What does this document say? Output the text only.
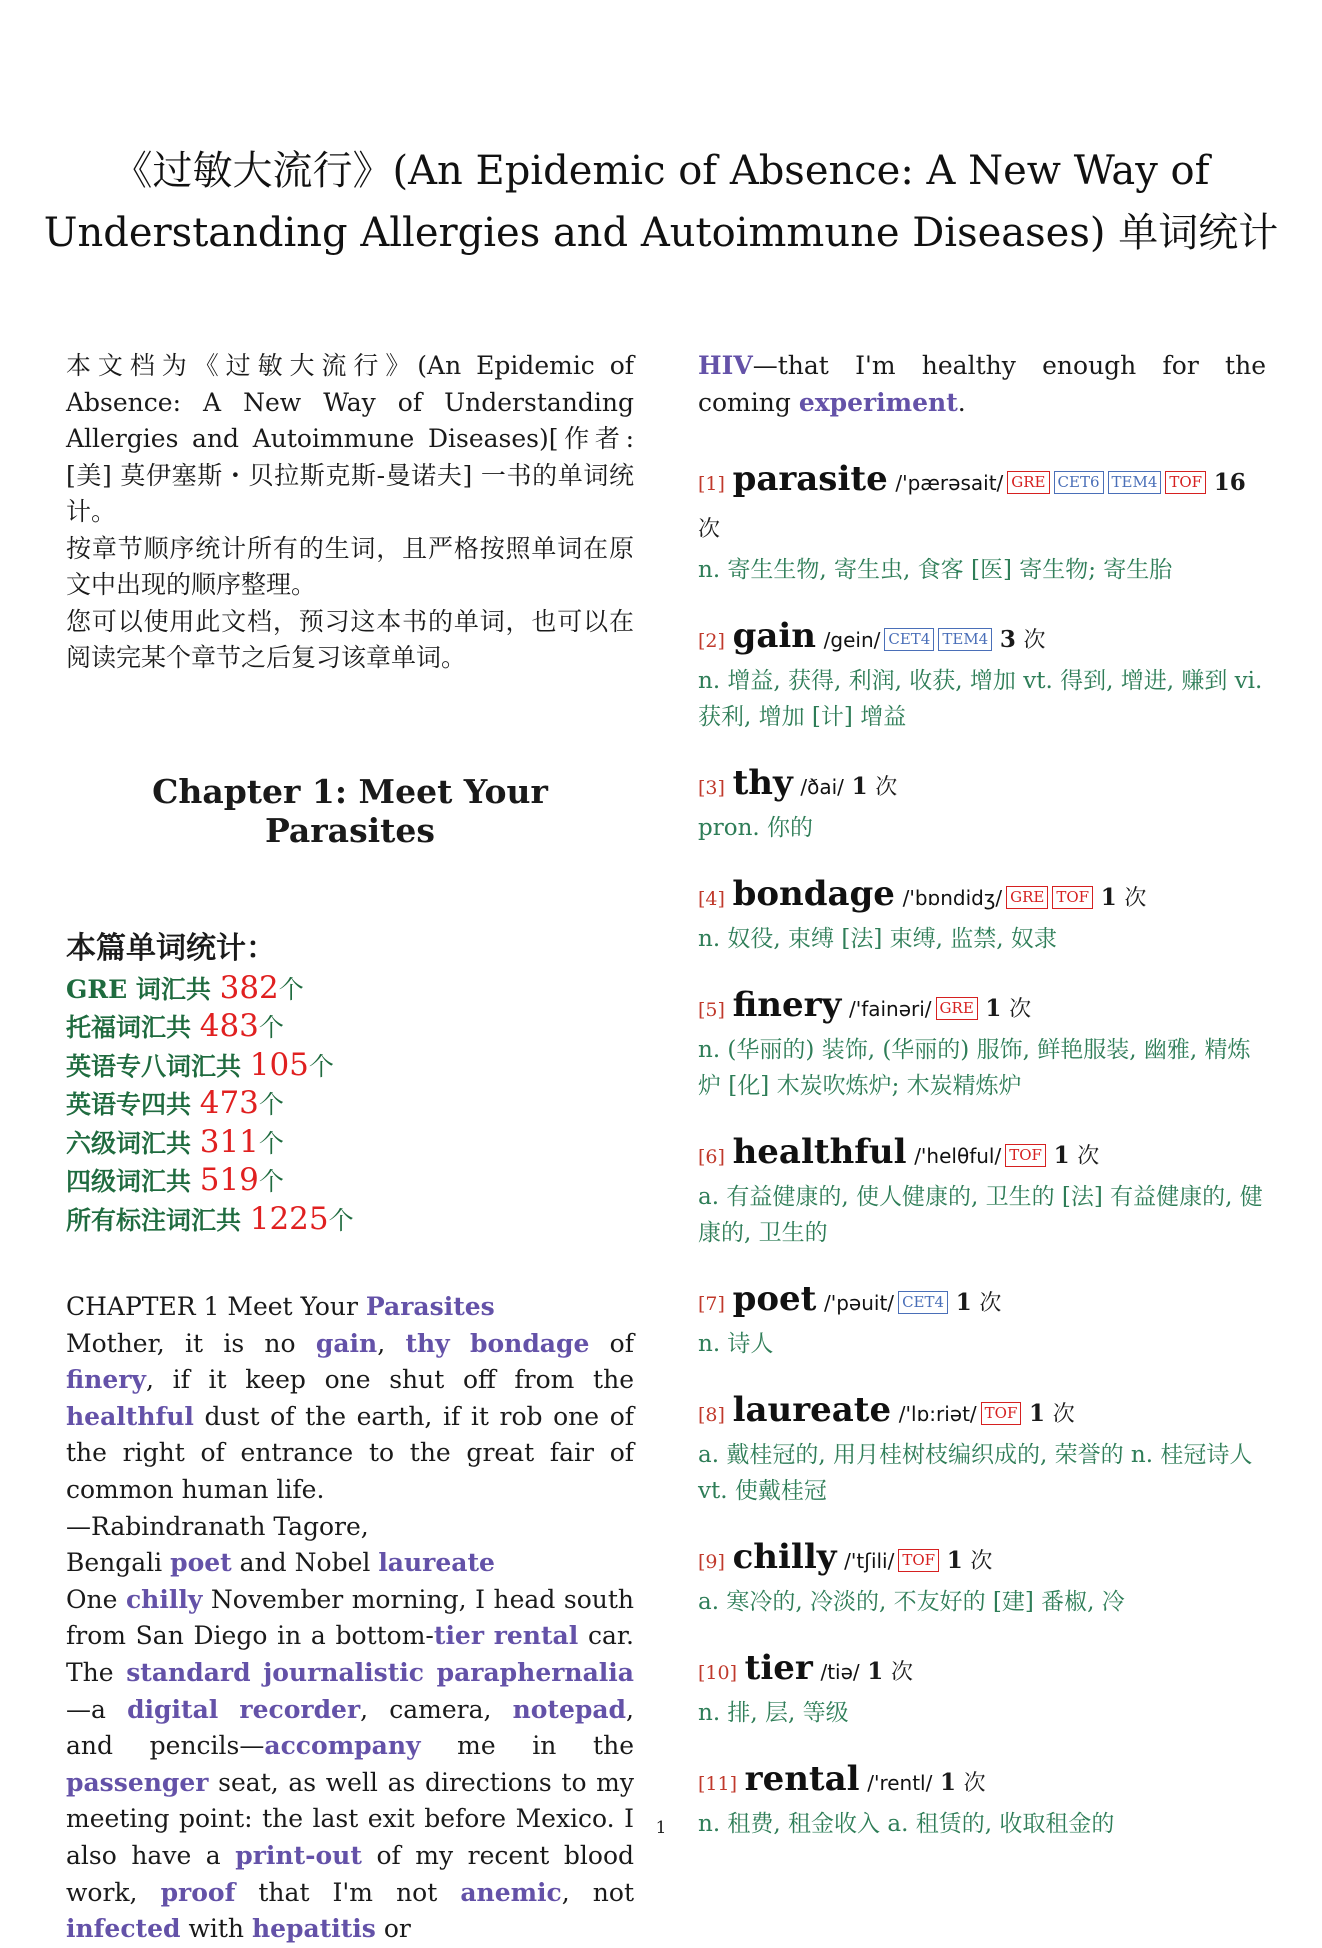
《过敏大流行》(An Epidemic of Absence: A New Way of
Understanding Allergies and Autoimmune Diseases) 单词统计

本文档为《过敏大流行》(An Epidemic of Absence: A New Way of Understanding Allergies and Autoimmune Diseases)[作者: [美] 莫伊塞斯・贝拉斯克斯-曼诺夫] 一书的单词统计。

按章节顺序统计所有的生词，且严格按照单词在原文中出现的顺序整理。

您可以使用此文档，预习这本书的单词，也可以在阅读完某个章节之后复习该章单词。

Chapter 1: Meet Your Parasites
本篇单词统计：
GRE 词汇共 382个
托福词汇共 483个
英语专八词汇共 105个
英语专四共 473个
六级词汇共 311个
四级词汇共 519个
所有标注词汇共 1225个

CHAPTER 1 Meet Your Parasites

Mother, it is no gain, thy bondage of finery, if it keep one shut off from the healthful dust of the earth, if it rob one of the right of entrance to the great fair of common human life.

—Rabindranath Tagore,

Bengali poet and Nobel laureate

One chilly November morning, I head south from San Diego in a bottom-tier rental car. The standard journalistic paraphernalia —a digital recorder, camera, notepad, and pencils—accompany me in the passenger seat, as well as directions to my meeting point: the last exit before Mexico. I also have a print-out of my recent blood work, proof that I'm not anemic, not infected with hepatitis or

HIV—that I'm healthy enough for the coming experiment.

[1] parasite /'pærəsait/ GRE CET6 TEM4 TOF 16 次
n. 寄生生物, 寄生虫, 食客 [医] 寄生物; 寄生胎
[2] gain /gein/ CET4 TEM4 3 次
n. 增益, 获得, 利润, 收获, 增加 vt. 得到, 增进, 赚到 vi. 获利, 增加 [计] 增益
[3] thy /ðai/ 1 次
pron. 你的
[4] bondage /'bɒndidʒ/ GRE TOF 1 次
n. 奴役, 束缚 [法] 束缚, 监禁, 奴隶
[5] finery /'fainəri/ GRE 1 次
n. (华丽的) 装饰, (华丽的) 服饰, 鲜艳服装, 幽雅, 精炼炉 [化] 木炭吹炼炉; 木炭精炼炉
[6] healthful /'helθful/ TOF 1 次
a. 有益健康的, 使人健康的, 卫生的 [法] 有益健康的, 健康的, 卫生的
[7] poet /'pəuit/ CET4 1 次
n. 诗人
[8] laureate /'lɒ:riət/ TOF 1 次
a. 戴桂冠的, 用月桂树枝编织成的, 荣誉的 n. 桂冠诗人 vt. 使戴桂冠
[9] chilly /'tʃili/ TOF 1 次
a. 寒冷的, 冷淡的, 不友好的 [建] 番椒, 冷
[10] tier /tiə/ 1 次
n. 排, 层, 等级
[11] rental /'rentl/ 1 次
n. 租费, 租金收入 a. 租赁的, 收取租金的
1
